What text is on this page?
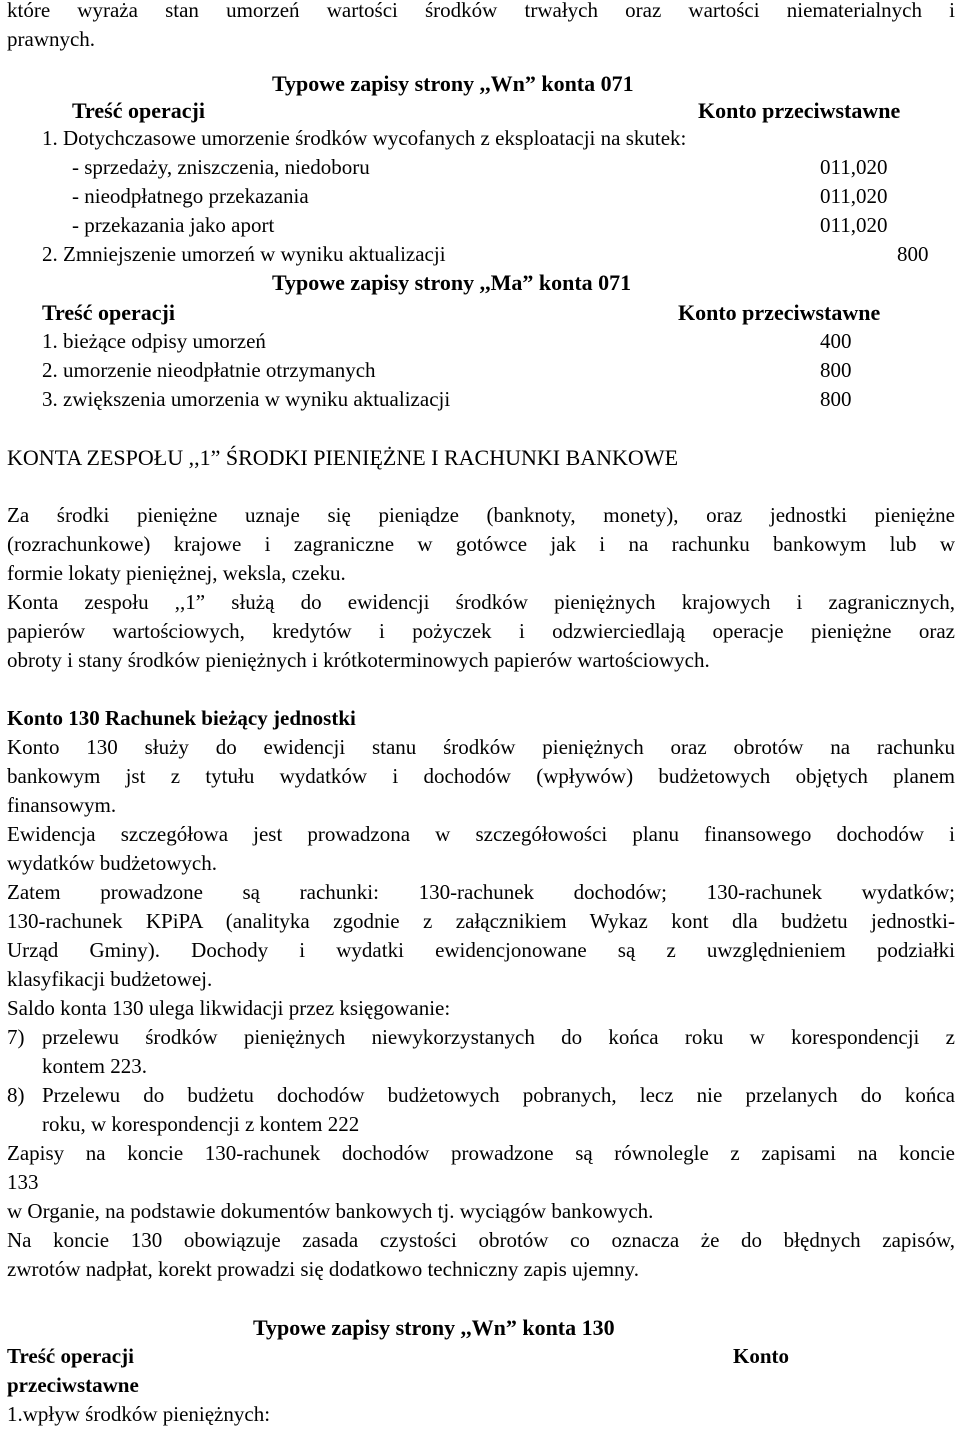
które wyraża stan umorzeń wartości środków trwałych oraz wartości niematerialnych i
prawnych.
Typowe zapisy strony ,,Wn” konta 071
Treść operacji	Konto przeciwstawne
1. Dotychczasowe umorzenie środków wycofanych z eksploatacji na skutek:
- sprzedaży, zniszczenia, niedoboru	011,020
- nieodpłatnego przekazania	011,020
- przekazania jako aport	011,020
2. Zmniejszenie umorzeń w wyniku aktualizacji	800
Typowe zapisy strony ,,Ma” konta 071
Treść operacji	Konto przeciwstawne
1. bieżące odpisy umorzeń	400
2. umorzenie nieodpłatnie otrzymanych	800
3. zwiększenia umorzenia w wyniku aktualizacji	800
KONTA ZESPOŁU ,,1” ŚRODKI PIENIĘŻNE I RACHUNKI BANKOWE
Za środki pieniężne uznaje się pieniądze (banknoty, monety), oraz jednostki pieniężne
(rozrachunkowe) krajowe i zagraniczne w gotówce jak i na rachunku bankowym lub w
formie lokaty pieniężnej, weksla, czeku.
Konta zespołu ,,1” służą do ewidencji środków pieniężnych krajowych i zagranicznych,
papierów wartościowych, kredytów i pożyczek i odzwierciedlają operacje pieniężne oraz
obroty i stany środków pieniężnych i krótkoterminowych papierów wartościowych.
Konto 130 Rachunek bieżący jednostki
Konto 130 służy do ewidencji stanu środków pieniężnych oraz obrotów na rachunku
bankowym jst z tytułu wydatków i dochodów (wpływów) budżetowych objętych planem
finansowym.
Ewidencja szczegółowa jest prowadzona w szczegółowości planu finansowego dochodów i
wydatków budżetowych.
Zatem prowadzone są rachunki: 130-rachunek dochodów; 130-rachunek wydatków;
130-rachunek KPiPA (analityka zgodnie z załącznikiem Wykaz kont dla budżetu jednostki-
Urząd Gminy). Dochody i wydatki ewidencjonowane są z uwzględnieniem podziałki
klasyfikacji budżetowej.
Saldo konta 130 ulega likwidacji przez księgowanie:
7) przelewu środków pieniężnych niewykorzystanych do końca roku w korespondencji z
kontem 223.
8) Przelewu do budżetu dochodów budżetowych pobranych, lecz nie przelanych do końca
roku, w korespondencji z kontem 222
Zapisy na koncie 130-rachunek dochodów prowadzone są równolegle z zapisami na koncie
133
w Organie, na podstawie dokumentów bankowych tj. wyciągów bankowych.
Na koncie 130 obowiązuje zasada czystości obrotów co oznacza że do błędnych zapisów,
zwrotów nadpłat, korekt prowadzi się dodatkowo techniczny zapis ujemny.
Typowe zapisy strony ,,Wn” konta 130
Treść operacji	Konto
przeciwstawne
1.wpływ środków pieniężnych:
